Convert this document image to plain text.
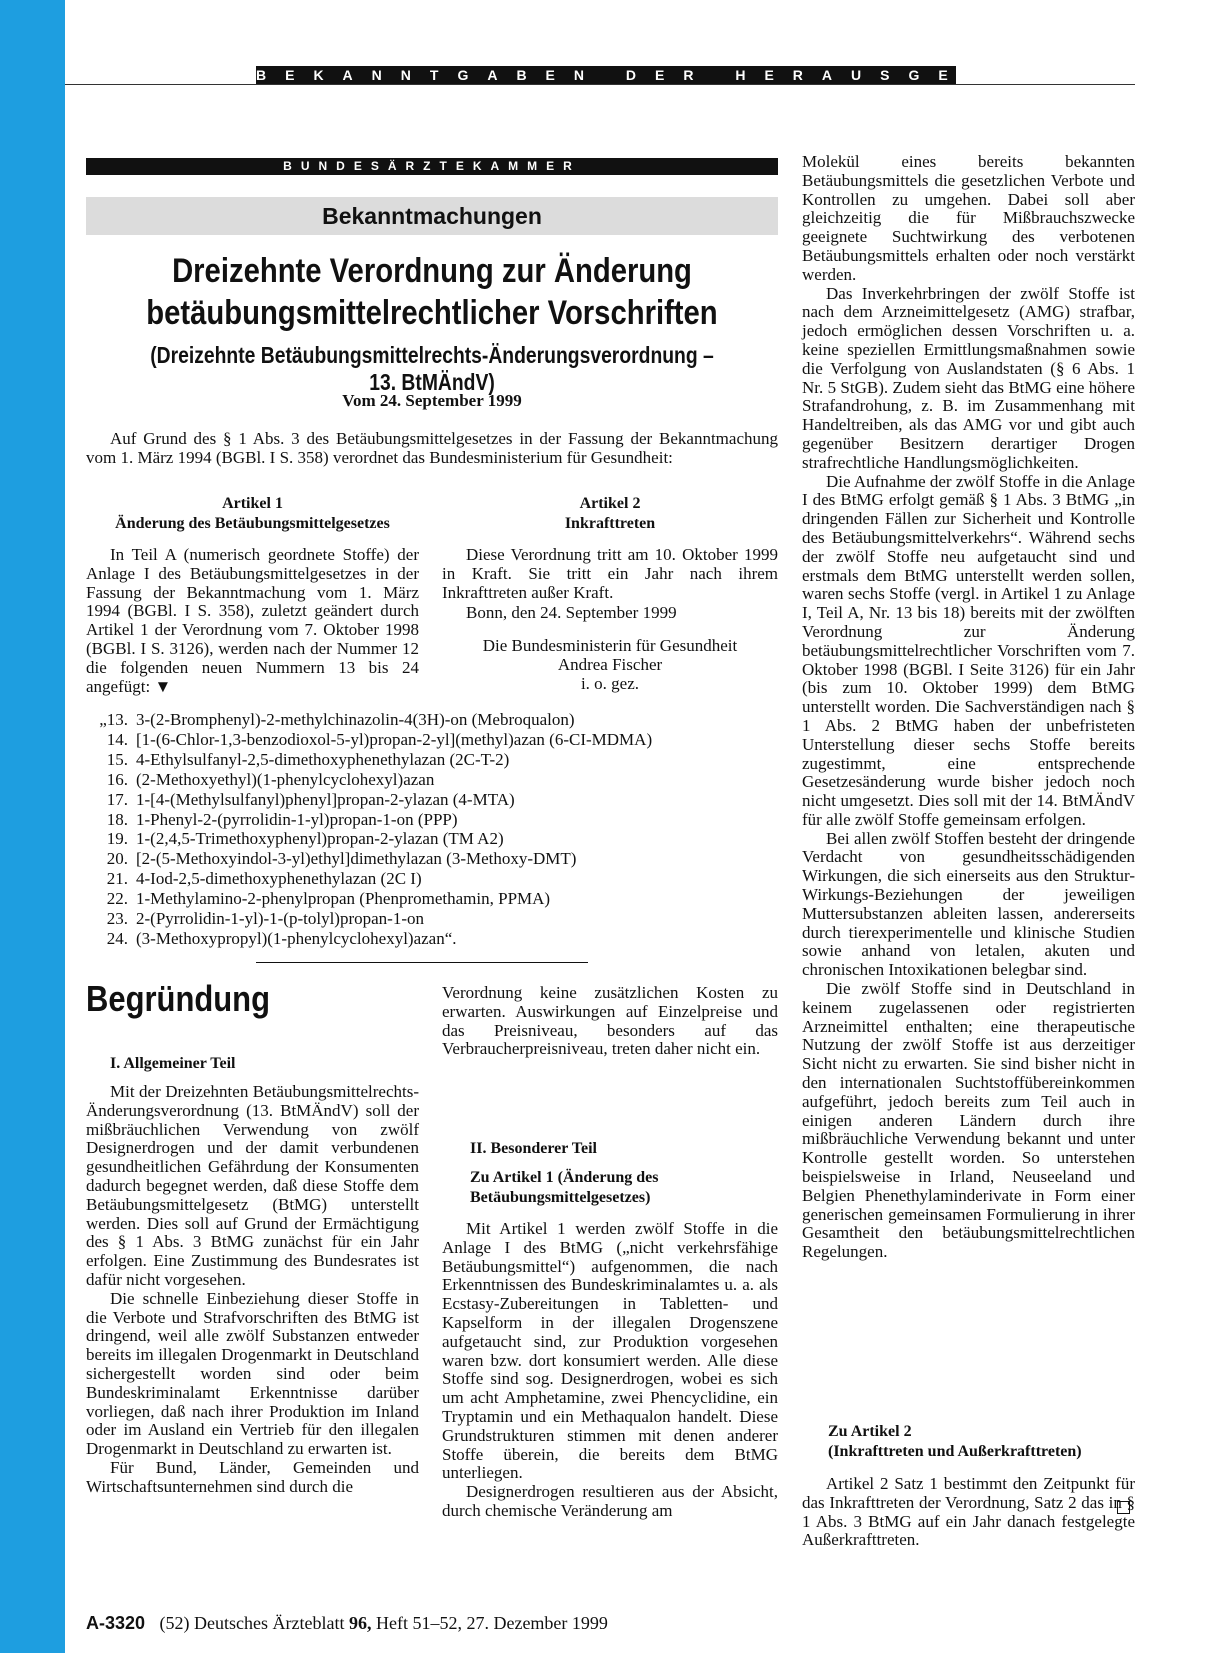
BEKANNTGABEN DER HERAUSGEBER
BUNDESÄRZTEKAMMER
Bekanntmachungen
Dreizehnte Verordnung zur Änderung
betäubungsmittelrechtlicher Vorschriften
(Dreizehnte Betäubungsmittelrechts-Änderungsverordnung – 13. BtMÄndV)
Vom 24. September 1999

Auf Grund des § 1 Abs. 3 des Betäubungsmittelgesetzes in der Fassung der Bekanntmachung vom 1. März 1994 (BGBl. I S. 358) verordnet das Bundesministerium für Gesundheit:

Artikel 1
Änderung des Betäubungsmittelgesetzes

In Teil A (numerisch geordnete Stoffe) der Anlage I des Betäubungsmittelgesetzes in der Fassung der Bekanntmachung vom 1. März 1994 (BGBl. I S. 358), zuletzt geändert durch Artikel 1 der Verordnung vom 7. Oktober 1998 (BGBl. I S. 3126), werden nach der Nummer 12 die folgenden neuen Nummern 13 bis 24 angefügt: ▼

Artikel 2
Inkrafttreten

Diese Verordnung tritt am 10. Oktober 1999 in Kraft. Sie tritt ein Jahr nach ihrem Inkrafttreten außer Kraft.

Bonn, den 24. September 1999

Die Bundesministerin für Gesundheit

Andrea Fischer

i. o. gez.

„13. 3-(2-Bromphenyl)-2-methylchinazolin-4(3H)-on (Mebroqualon)
14. [1-(6-Chlor-1,3-benzodioxol-5-yl)propan-2-yl](methyl)azan (6-CI-MDMA)
15. 4-Ethylsulfanyl-2,5-dimethoxyphenethylazan (2C-T-2)
16. (2-Methoxyethyl)(1-phenylcyclohexyl)azan
17. 1-[4-(Methylsulfanyl)phenyl]propan-2-ylazan (4-MTA)
18. 1-Phenyl-2-(pyrrolidin-1-yl)propan-1-on (PPP)
19. 1-(2,4,5-Trimethoxyphenyl)propan-2-ylazan (TM A2)
20. [2-(5-Methoxyindol-3-yl)ethyl]dimethylazan (3-Methoxy-DMT)
21. 4-Iod-2,5-dimethoxyphenethylazan (2C I)
22. 1-Methylamino-2-phenylpropan (Phenpromethamin, PPMA)
23. 2-(Pyrrolidin-1-yl)-1-(p-tolyl)propan-1-on
24. (3-Methoxypropyl)(1-phenylcyclohexyl)azan“.
Begründung
I. Allgemeiner Teil

Mit der Dreizehnten Betäubungsmittelrechts-Änderungsverordnung (13. BtMÄndV) soll der mißbräuchlichen Verwendung von zwölf Designerdrogen und der damit verbundenen gesundheitlichen Gefährdung der Konsumenten dadurch begegnet werden, daß diese Stoffe dem Betäubungsmittelgesetz (BtMG) unterstellt werden. Dies soll auf Grund der Ermächtigung des § 1 Abs. 3 BtMG zunächst für ein Jahr erfolgen. Eine Zustimmung des Bundesrates ist dafür nicht vorgesehen.

Die schnelle Einbeziehung dieser Stoffe in die Verbote und Strafvorschriften des BtMG ist dringend, weil alle zwölf Substanzen entweder bereits im illegalen Drogenmarkt in Deutschland sichergestellt worden sind oder beim Bundeskriminalamt Erkenntnisse darüber vorliegen, daß nach ihrer Produktion im Inland oder im Ausland ein Vertrieb für den illegalen Drogenmarkt in Deutschland zu erwarten ist.

Für Bund, Länder, Gemeinden und Wirtschaftsunternehmen sind durch die

Verordnung keine zusätzlichen Kosten zu erwarten. Auswirkungen auf Einzelpreise und das Preisniveau, besonders auf das Verbraucherpreisniveau, treten daher nicht ein.

II. Besonderer Teil
Zu Artikel 1 (Änderung des Betäubungsmittelgesetzes)

Mit Artikel 1 werden zwölf Stoffe in die Anlage I des BtMG („nicht verkehrsfähige Betäubungsmittel“) aufgenommen, die nach Erkenntnissen des Bundeskriminalamtes u. a. als Ecstasy-Zubereitungen in Tabletten- und Kapselform in der illegalen Drogenszene aufgetaucht sind, zur Produktion vorgesehen waren bzw. dort konsumiert werden. Alle diese Stoffe sind sog. Designerdrogen, wobei es sich um acht Amphetamine, zwei Phencyclidine, ein Tryptamin und ein Methaqualon handelt. Diese Grundstrukturen stimmen mit denen anderer Stoffe überein, die bereits dem BtMG unterliegen.

Designerdrogen resultieren aus der Absicht, durch chemische Veränderung am

Molekül eines bereits bekannten Betäubungsmittels die gesetzlichen Verbote und Kontrollen zu umgehen. Dabei soll aber gleichzeitig die für Mißbrauchszwecke geeignete Suchtwirkung des verbotenen Betäubungsmittels erhalten oder noch verstärkt werden.

Das Inverkehrbringen der zwölf Stoffe ist nach dem Arzneimittelgesetz (AMG) strafbar, jedoch ermöglichen dessen Vorschriften u. a. keine speziellen Ermittlungsmaßnahmen sowie die Verfolgung von Auslandstaten (§ 6 Abs. 1 Nr. 5 StGB). Zudem sieht das BtMG eine höhere Strafandrohung, z. B. im Zusammenhang mit Handeltreiben, als das AMG vor und gibt auch gegenüber Besitzern derartiger Drogen strafrechtliche Handlungsmöglichkeiten.

Die Aufnahme der zwölf Stoffe in die Anlage I des BtMG erfolgt gemäß § 1 Abs. 3 BtMG „in dringenden Fällen zur Sicherheit und Kontrolle des Betäubungsmittelverkehrs“. Während sechs der zwölf Stoffe neu aufgetaucht sind und erstmals dem BtMG unterstellt werden sollen, waren sechs Stoffe (vergl. in Artikel 1 zu Anlage I, Teil A, Nr. 13 bis 18) bereits mit der zwölften Verordnung zur Änderung betäubungsmittelrechtlicher Vorschriften vom 7. Oktober 1998 (BGBl. I Seite 3126) für ein Jahr (bis zum 10. Oktober 1999) dem BtMG unterstellt worden. Die Sachverständigen nach § 1 Abs. 2 BtMG haben der unbefristeten Unterstellung dieser sechs Stoffe bereits zugestimmt, eine entsprechende Gesetzesänderung wurde bisher jedoch noch nicht umgesetzt. Dies soll mit der 14. BtMÄndV für alle zwölf Stoffe gemeinsam erfolgen.

Bei allen zwölf Stoffen besteht der dringende Verdacht von gesundheitsschädigenden Wirkungen, die sich einerseits aus den Struktur-Wirkungs-Beziehungen der jeweiligen Muttersubstanzen ableiten lassen, andererseits durch tierexperimentelle und klinische Studien sowie anhand von letalen, akuten und chronischen Intoxikationen belegbar sind.

Die zwölf Stoffe sind in Deutschland in keinem zugelassenen oder registrierten Arzneimittel enthalten; eine therapeutische Nutzung der zwölf Stoffe ist aus derzeitiger Sicht nicht zu erwarten. Sie sind bisher nicht in den internationalen Suchtstoffübereinkommen aufgeführt, jedoch bereits zum Teil auch in einigen anderen Ländern durch ihre mißbräuchliche Verwendung bekannt und unter Kontrolle gestellt worden. So unterstehen beispielsweise in Irland, Neuseeland und Belgien Phenethylaminderivate in Form einer generischen gemeinsamen Formulierung in ihrer Gesamtheit den betäubungsmittelrechtlichen Regelungen.

Zu Artikel 2
(Inkrafttreten und Außerkrafttreten)

Artikel 2 Satz 1 bestimmt den Zeitpunkt für das Inkrafttreten der Verordnung, Satz 2 das in § 1 Abs. 3 BtMG auf ein Jahr danach festgelegte Außerkrafttreten.

A-3320 (52) Deutsches Ärzteblatt 96, Heft 51–52, 27. Dezember 1999
